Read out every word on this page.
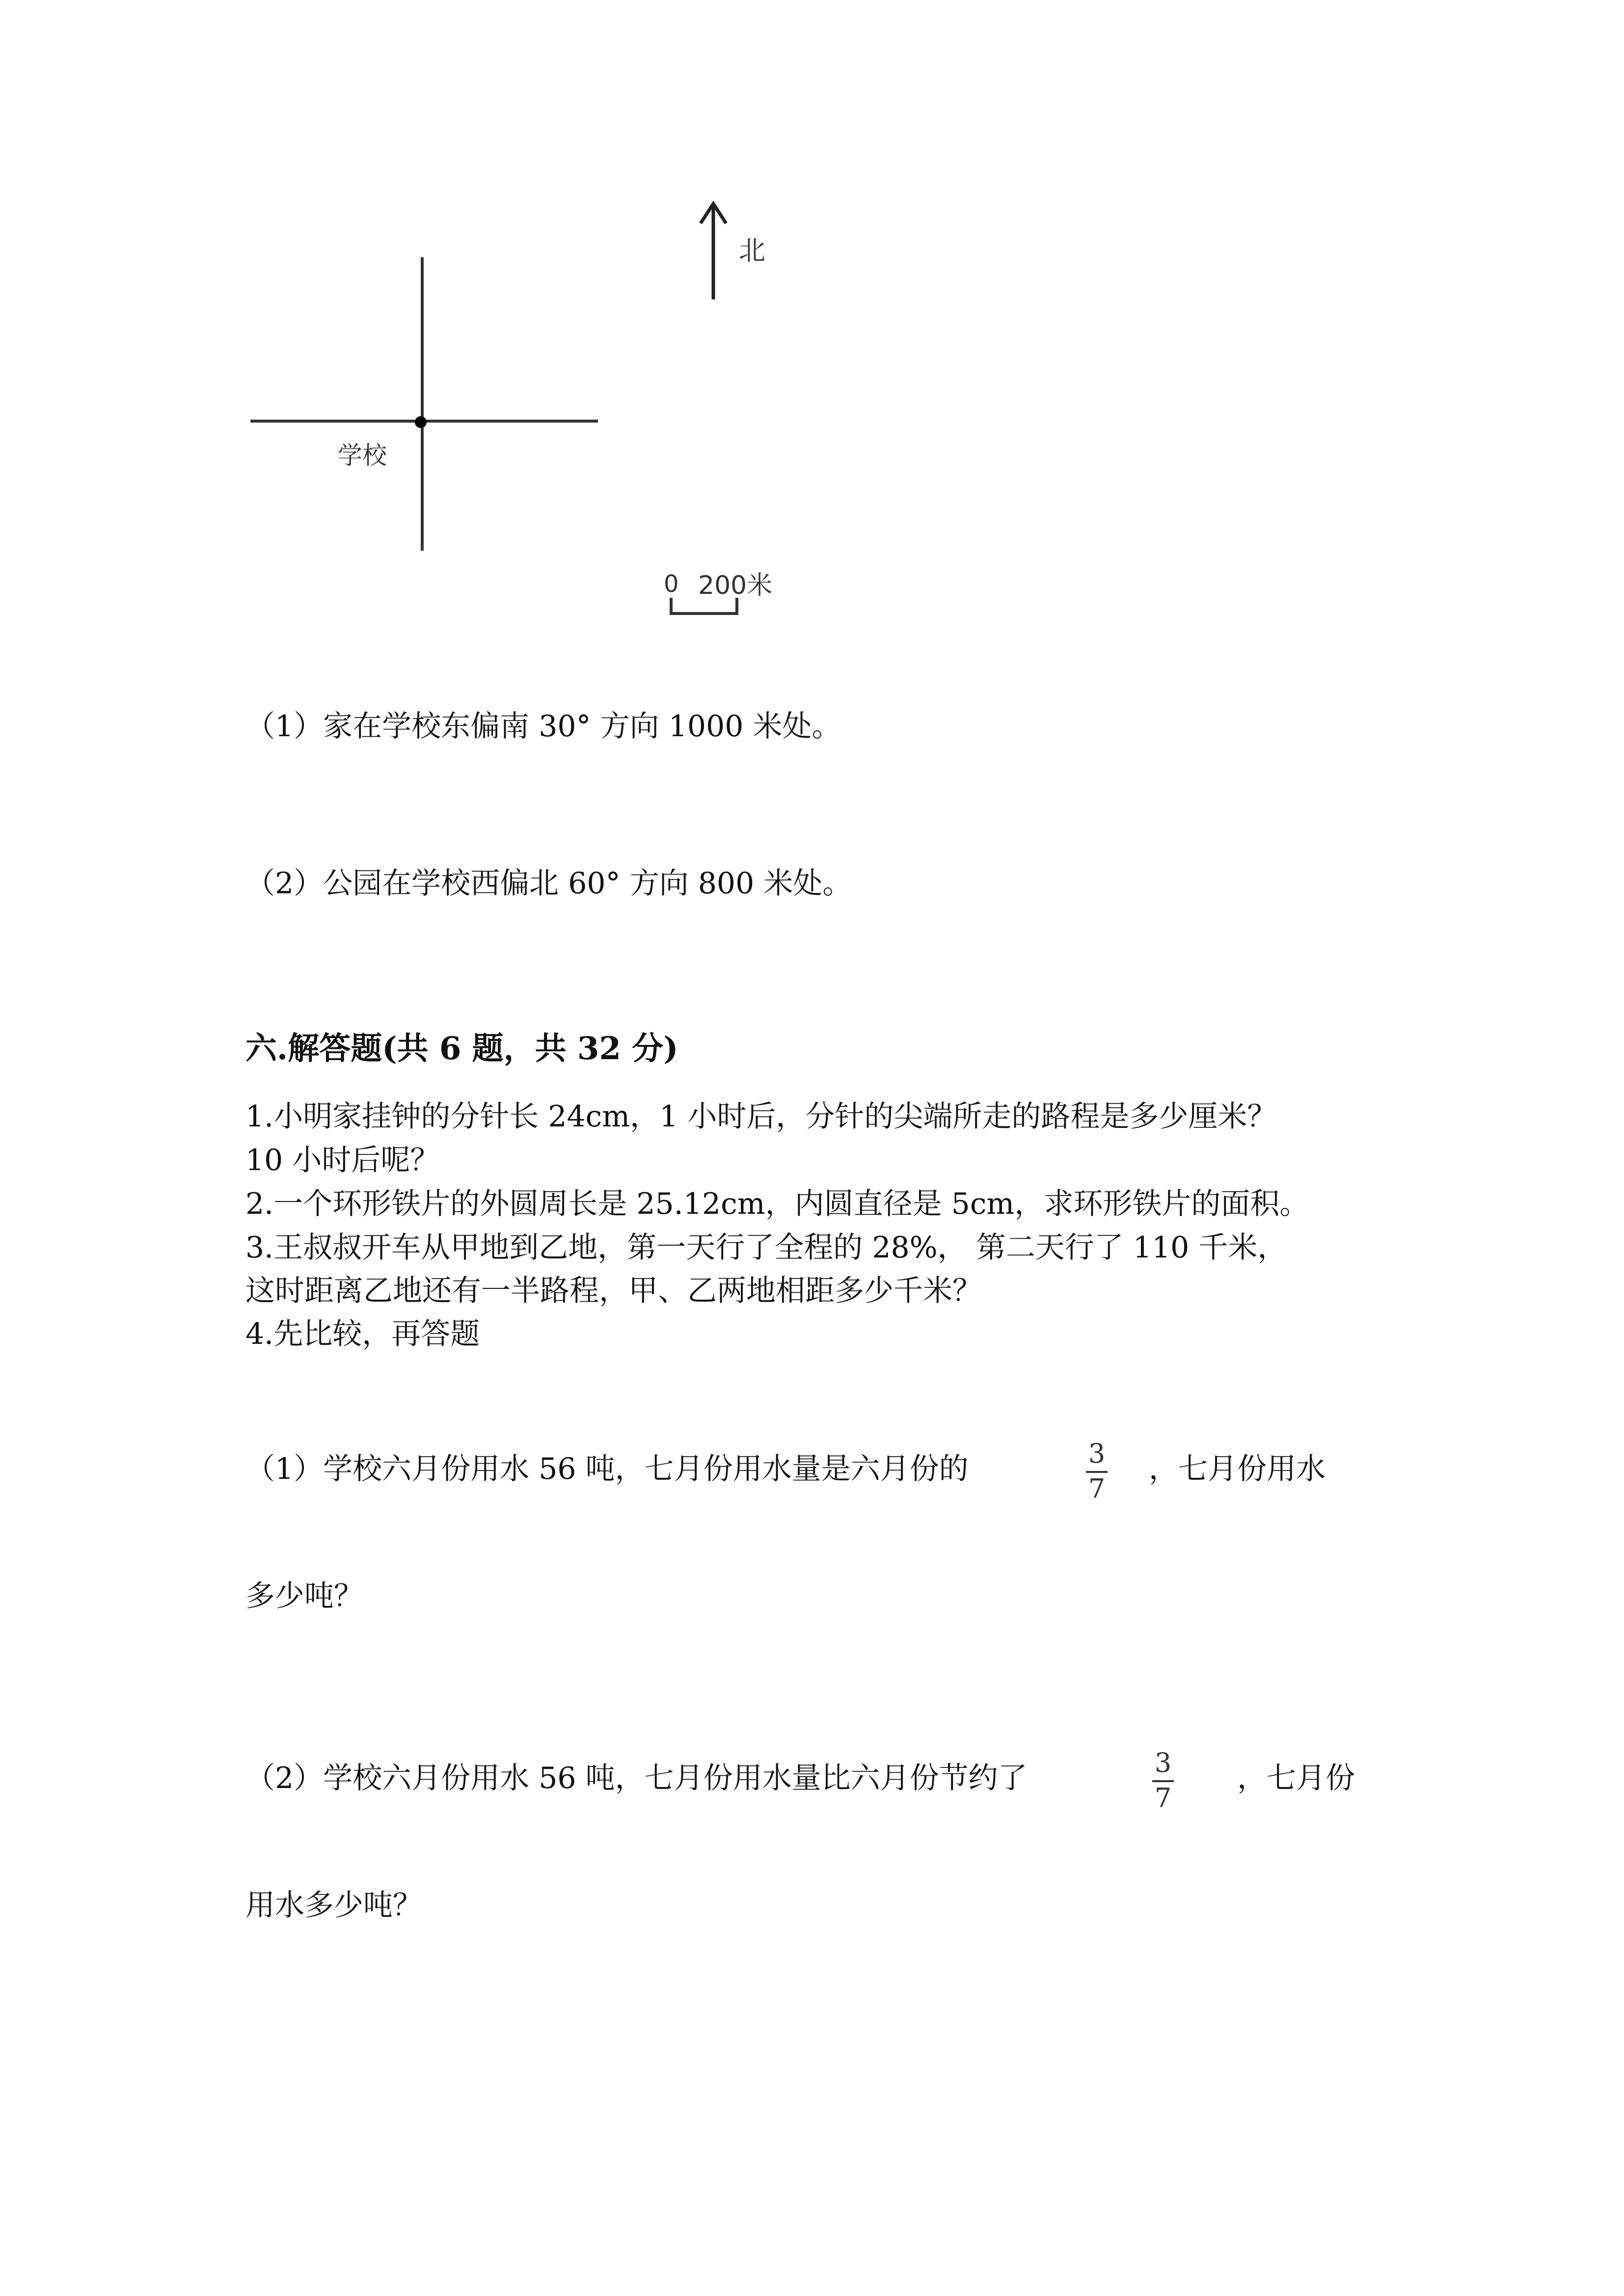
北
学校
0 200米
（1）家在学校东偏南 30° 方向 1000 米处。
（2）公园在学校西偏北 60° 方向 800 米处。
六.解答题(共 6 题，共 32 分)
1.小明家挂钟的分针长 24cm，1 小时后，分针的尖端所走的路程是多少厘米？
10 小时后呢？
2.一个环形铁片的外圆周长是 25.12cm，内圆直径是 5cm，求环形铁片的面积。
3.王叔叔开车从甲地到乙地，第一天行了全程的 28%， 第二天行了 110 千米，
这时距离乙地还有一半路程，甲、乙两地相距多少千米？
4.先比较，再答题
（1）学校六月份用水 56 吨，七月份用水量是六月份的	3
7
，七月份用水
多少吨？
（2）学校六月份用水 56 吨，七月份用水量比六月份节约了	3
7
，七月份
用水多少吨？
